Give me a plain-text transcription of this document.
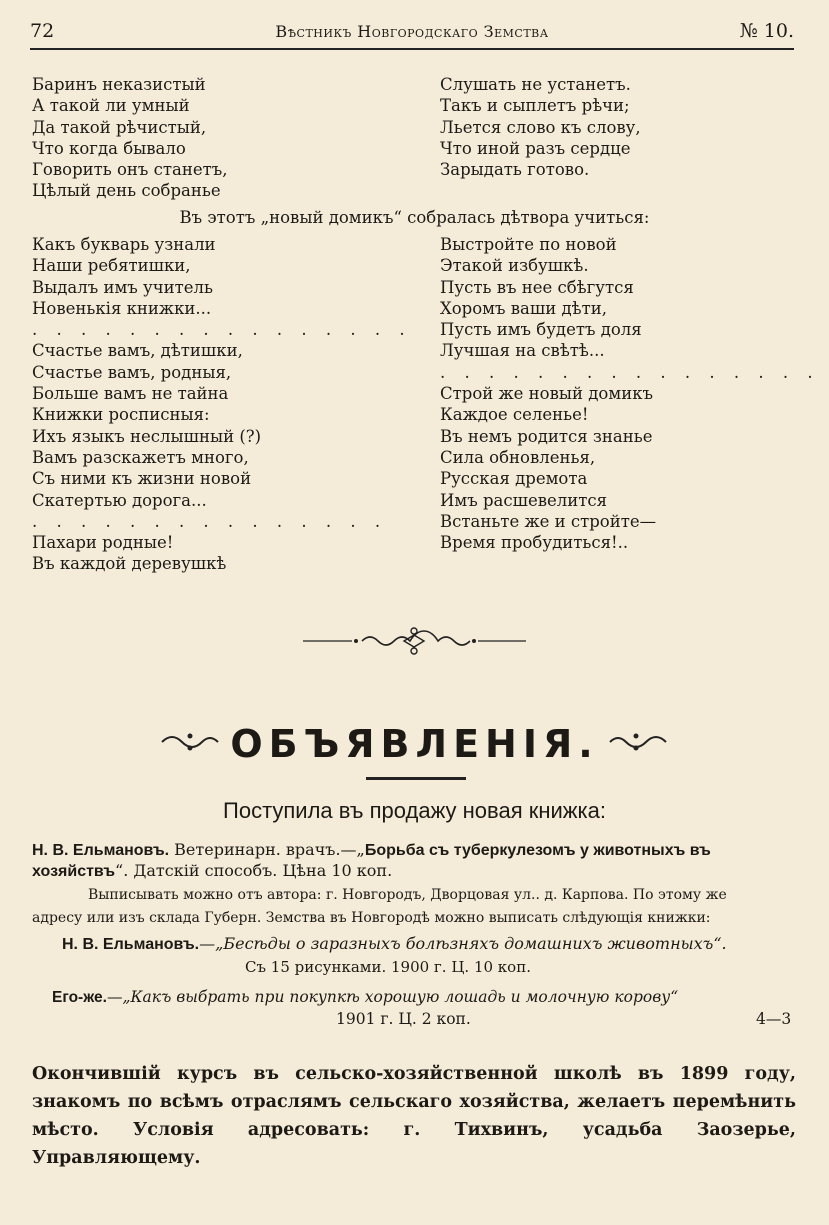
72	Вѣстникъ Новгородскаго Земства	№ 10.
Баринъ неказистый
А такой ли умный
Да такой рѣчистый,
Что когда бывало
Говорить онъ станетъ,
Цѣлый день собранье
Слушать не устанетъ.
Такъ и сыплетъ рѣчи;
Льется слово къ слову,
Что иной разъ сердце
Зарыдать готово.
Въ этотъ „новый домикъ“ собралась дѣтвора учиться:
Какъ букварь узнали
Наши ребятишки,
Выдалъ имъ учитель
Новенькія книжки...
. . . . . . . . . . . . . . . .
Счастье вамъ, дѣтишки,
Счастье вамъ, родныя,
Больше вамъ не тайна
Книжки росписныя:
Ихъ языкъ неслышный (?)
Вамъ разскажетъ много,
Съ ними къ жизни новой
Скатертью дорога...
. . . . . . . . . . . . . . .
Пахари родные!
Въ каждой деревушкѣ
Выстройте по новой
Этакой избушкѣ.
Пусть въ нее сбѣгутся
Хоромъ ваши дѣти,
Пусть имъ будетъ доля
Лучшая на свѣтѣ...
. . . . . . . . . . . . . . . .
Строй же новый домикъ
Каждое селенье!
Въ немъ родится знанье
Сила обновленья,
Русская дремота
Имъ расшевелится
Встаньте же и стройте—
Время пробудиться!..
ОБЪЯВЛЕНІЯ.
Поступила въ продажу новая книжка:
Н. В. Ельмановъ. Ветеринарн. врачъ.—„Борьба съ туберкулезомъ у животныхъ въ
хозяйствъ“. Датскій способъ. Цѣна 10 коп.
Выписывать можно отъ автора: г. Новгородъ, Дворцовая ул.. д. Карпова. По этому же
адресу или изъ склада Губерн. Земства въ Новгородѣ можно выписать слѣдующія книжки:
Н. В. Ельмановъ.—„Бесѣды о заразныхъ болѣзняхъ домашнихъ животныхъ“.
Съ 15 рисунками. 1900 г. Ц. 10 коп.
Его-же.—„Какъ выбрать при покупкѣ хорошую лошадь и молочную корову“
1901 г. Ц. 2 коп.	4—3
Окончившій курсъ въ сельско-хозяйственной школѣ въ 1899 году, знакомъ по всѣмъ отраслямъ сельскаго хозяйства, желаетъ перемѣнить мѣсто. Условія адресовать: г. Тихвинъ, усадьба Заозерье, Управляющему.
